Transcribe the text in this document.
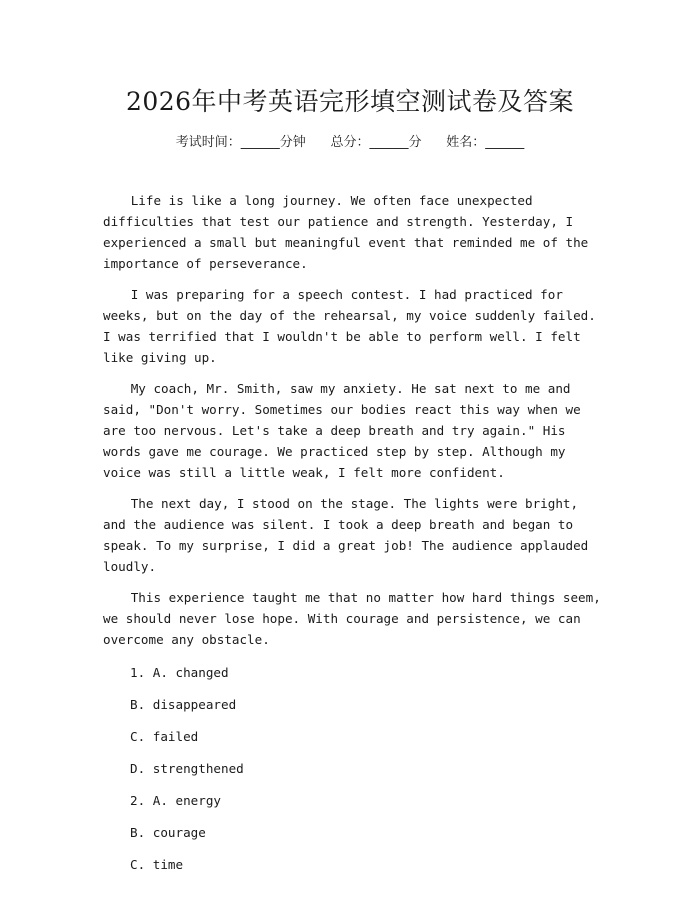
2026年中考英语完形填空测试卷及答案
考试时间：______分钟      总分：______分      姓名：______

Life is like a long journey. We often face unexpected difficulties that test our patience and strength. Yesterday, I experienced a small but meaningful event that reminded me of the importance of perseverance.

I was preparing for a speech contest. I had practiced for weeks, but on the day of the rehearsal, my voice suddenly failed. I was terrified that I wouldn't be able to perform well. I felt like giving up.

My coach, Mr. Smith, saw my anxiety. He sat next to me and said, "Don't worry. Sometimes our bodies react this way when we are too nervous. Let's take a deep breath and try again." His words gave me courage. We practiced step by step. Although my voice was still a little weak, I felt more confident.

The next day, I stood on the stage. The lights were bright, and the audience was silent. I took a deep breath and began to speak. To my surprise, I did a great job! The audience applauded loudly.

This experience taught me that no matter how hard things seem, we should never lose hope. With courage and persistence, we can overcome any obstacle.

1. A. changed
B. disappeared
C. failed
D. strengthened
2. A. energy
B. courage
C. time
